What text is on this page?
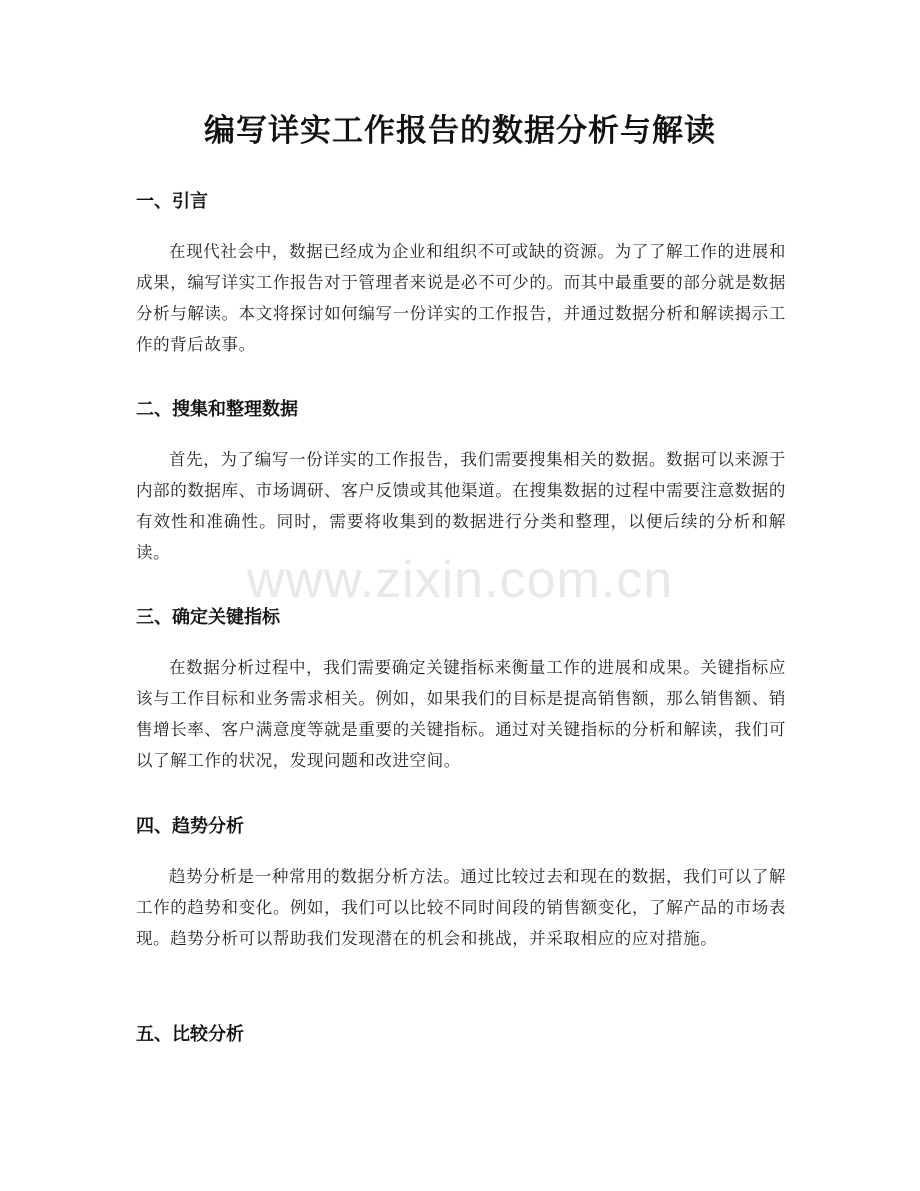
编写详实工作报告的数据分析与解读
一、引言
在现代社会中，数据已经成为企业和组织不可或缺的资源。为了了解工作的进展和成果，编写详实工作报告对于管理者来说是必不可少的。而其中最重要的部分就是数据分析与解读。本文将探讨如何编写一份详实的工作报告，并通过数据分析和解读揭示工作的背后故事。
二、搜集和整理数据
首先，为了编写一份详实的工作报告，我们需要搜集相关的数据。数据可以来源于内部的数据库、市场调研、客户反馈或其他渠道。在搜集数据的过程中需要注意数据的有效性和准确性。同时，需要将收集到的数据进行分类和整理，以便后续的分析和解读。
三、确定关键指标
在数据分析过程中，我们需要确定关键指标来衡量工作的进展和成果。关键指标应该与工作目标和业务需求相关。例如，如果我们的目标是提高销售额，那么销售额、销售增长率、客户满意度等就是重要的关键指标。通过对关键指标的分析和解读，我们可以了解工作的状况，发现问题和改进空间。
四、趋势分析
趋势分析是一种常用的数据分析方法。通过比较过去和现在的数据，我们可以了解工作的趋势和变化。例如，我们可以比较不同时间段的销售额变化，了解产品的市场表现。趋势分析可以帮助我们发现潜在的机会和挑战，并采取相应的应对措施。
五、比较分析
www.zixin.com.cn
